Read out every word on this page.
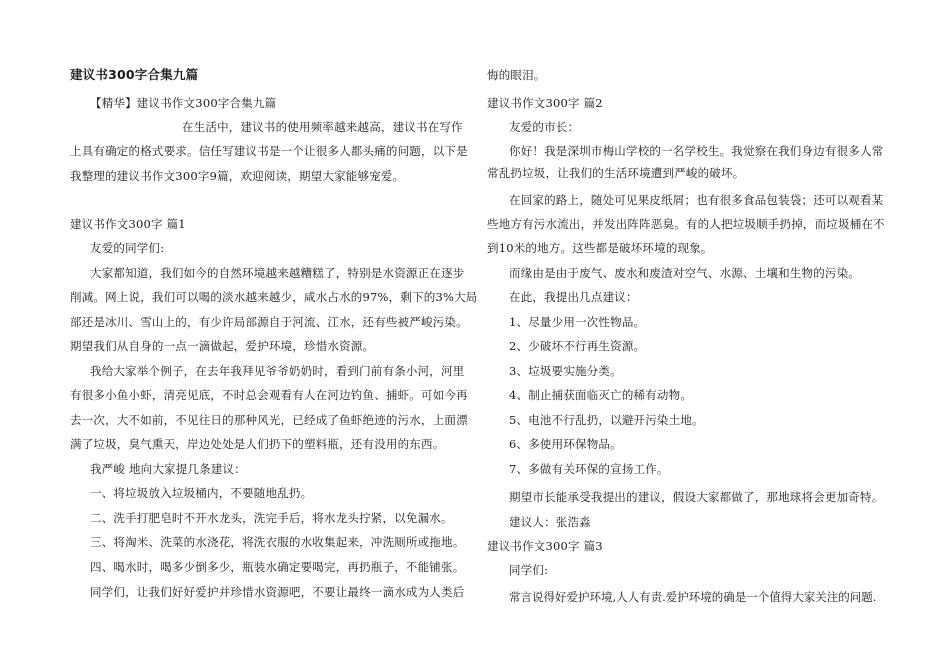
建议书300字合集九篇
【精华】建议书作文300字合集九篇
在生活中，建议书的使用频率越来越高，建议书在写作
上具有确定的格式要求。信任写建议书是一个让很多人都头痛的问题，以下是
我整理的建议书作文300字9篇，欢迎阅读，期望大家能够宠爱。
建议书作文300字 篇1
友爱的同学们:
大家都知道，我们如今的自然环境越来越糟糕了，特别是水资源正在逐步
削减。网上说，我们可以喝的淡水越来越少，咸水占水的97%，剩下的3%大局
部还是冰川、雪山上的，有少许局部源自于河流、江水，还有些被严峻污染。
期望我们从自身的一点一滴做起，爱护环境，珍惜水资源。
我给大家举个例子，在去年我拜见爷爷奶奶时，看到门前有条小河，河里
有很多小鱼小虾，清亮见底，不时总会观看有人在河边钓鱼、捕虾。可如今再
去一次，大不如前，不见往日的那种风光，已经成了鱼虾绝迹的污水，上面漂
满了垃圾，臭气熏天，岸边处处是人们扔下的塑料瓶，还有没用的东西。
我严峻 地向大家提几条建议：
一、将垃圾放入垃圾桶内，不要随地乱扔。
二、洗手打肥皂时不开水龙头，洗完手后，将水龙头拧紧，以免漏水。
三、将淘米、洗菜的水浇花，将洗衣服的水收集起来，冲洗厕所或拖地。
四、喝水时，喝多少倒多少，瓶装水确定要喝完，再扔瓶子，不能铺张。
同学们，让我们好好爱护并珍惜水资源吧，不要让最终一滴水成为人类后
悔的眼泪。
建议书作文300字 篇2
友爱的市长：
你好！我是深圳市梅山学校的一名学校生。我觉察在我们身边有很多人常
常乱扔垃圾，让我们的生活环境遭到严峻的破坏。
在回家的路上，随处可见果皮纸屑；也有很多食品包装袋；还可以观看某
些地方有污水流出，并发出阵阵恶臭。有的人把垃圾顺手扔掉，而垃圾桶在不
到10米的地方。这些都是破坏环境的现象。
而缘由是由于废气、废水和废渣对空气、水源、土壤和生物的污染。
在此，我提出几点建议：
1、尽量少用一次性物品。
2、少破坏不行再生资源。
3、垃圾要实施分类。
4、制止捕获面临灭亡的稀有动物。
5、电池不行乱扔，以避开污染土地。
6、多使用环保物品。
7、多做有关环保的宣扬工作。
期望市长能承受我提出的建议，假设大家都做了，那地球将会更加奇特。
建议人：张浩淼
建议书作文300字 篇3
同学们:
常言说得好爱护环境,人人有责.爱护环境的确是一个值得大家关注的问题.
